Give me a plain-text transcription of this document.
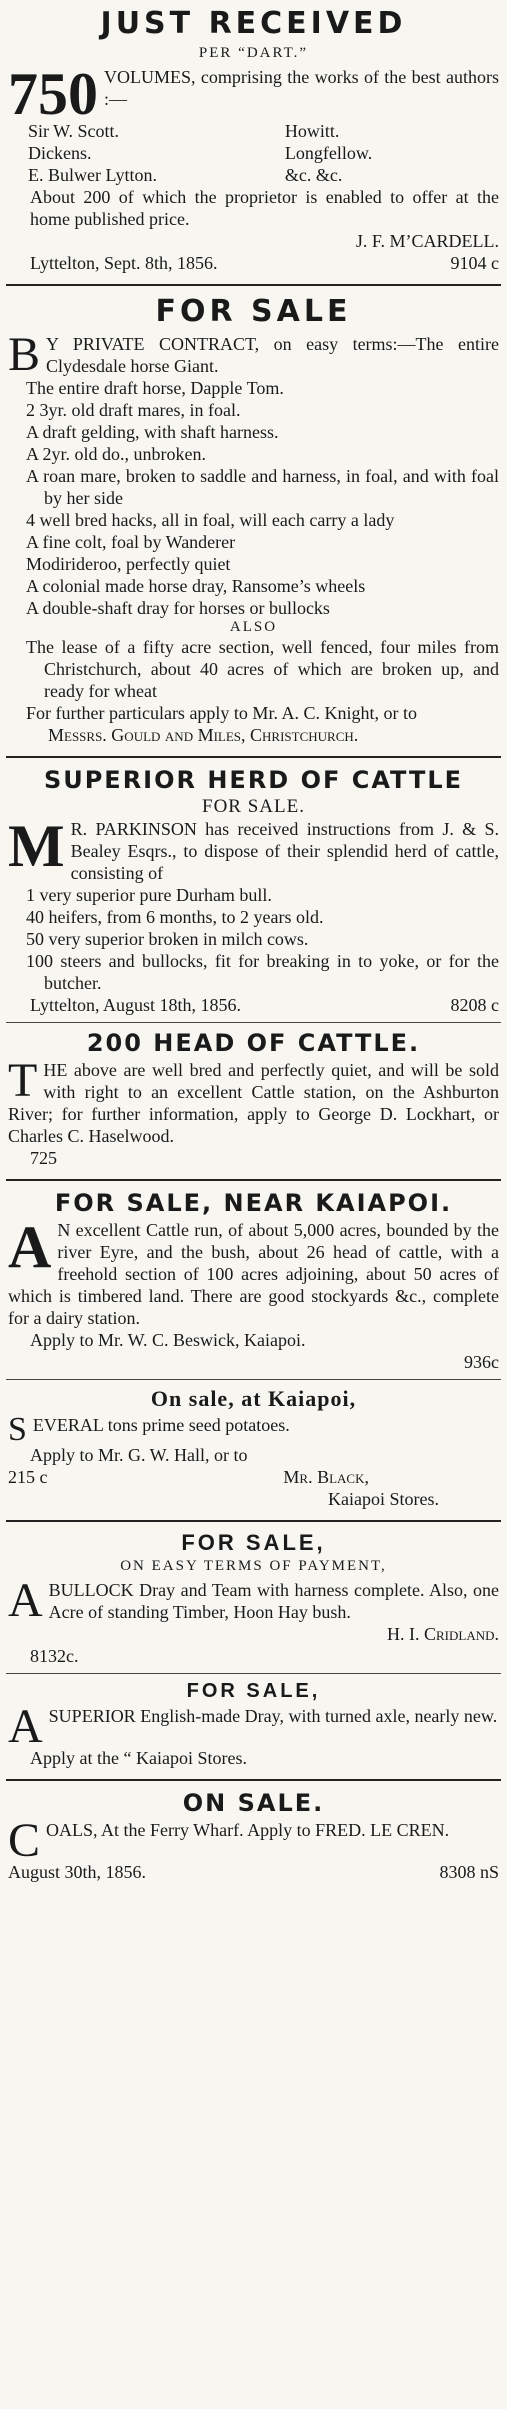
JUST RECEIVED
PER “DART.”
750 VOLUMES, comprising the works of the best authors :—
Sir W. Scott.	Howitt.
Dickens.	Longfellow.
E. Bulwer Lytton.	&c. &c.

About 200 of which the proprietor is enabled to offer at the home published price.

J. F. M’CARDELL.
Lyttelton, Sept. 8th, 1856.	9104 c
FOR SALE
B Y PRIVATE CONTRACT, on easy terms:—The entire Clydesdale horse Giant.
The entire draft horse, Dapple Tom.
2 3yr. old draft mares, in foal.
A draft gelding, with shaft harness.
A 2yr. old do., unbroken.
A roan mare, broken to saddle and harness, in foal, and with foal by her side
4 well bred hacks, all in foal, will each carry a lady
A fine colt, foal by Wanderer
Modirideroo, perfectly quiet
A colonial made horse dray, Ransome’s wheels
A double-shaft dray for horses or bullocks
ALSO
The lease of a fifty acre section, well fenced, four miles from Christchurch, about 40 acres of which are broken up, and ready for wheat
For further particulars apply to Mr. A. C. Knight, or to
Messrs. Gould and Miles, Christchurch.
SUPERIOR HERD OF CATTLE
FOR SALE.
M R. PARKINSON has received instructions from J. & S. Bealey Esqrs., to dispose of their splendid herd of cattle, consisting of
1 very superior pure Durham bull.
40 heifers, from 6 months, to 2 years old.
50 very superior broken in milch cows.
100 steers and bullocks, fit for breaking in to yoke, or for the butcher.
Lyttelton, August 18th, 1856.	8208 c
200 HEAD OF CATTLE.
T HE above are well bred and perfectly quiet, and will be sold with right to an excellent Cattle station, on the Ashburton River; for further information, apply to George D. Lockhart, or Charles C. Haselwood.
725
FOR SALE, NEAR KAIAPOI.
A N excellent Cattle run, of about 5,000 acres, bounded by the river Eyre, and the bush, about 26 head of cattle, with a freehold section of 100 acres adjoining, about 50 acres of which is timbered land. There are good stockyards &c., complete for a dairy station.
Apply to Mr. W. C. Beswick, Kaiapoi.
936c
On sale, at Kaiapoi,
S EVERAL tons prime seed potatoes.
Apply to Mr. G. W. Hall, or to
215 c	Mr. Black,
Kaiapoi Stores.
FOR SALE,
ON EASY TERMS OF PAYMENT,
A BULLOCK Dray and Team with harness complete. Also, one Acre of standing Timber, Hoon Hay bush.
H. I. Cridland.
8132c.
FOR SALE,
A SUPERIOR English-made Dray, with turned axle, nearly new.
Apply at the “ Kaiapoi Stores.
ON SALE.
C OALS, At the Ferry Wharf. Apply to FRED. LE CREN.
August 30th, 1856.	8308 nS
